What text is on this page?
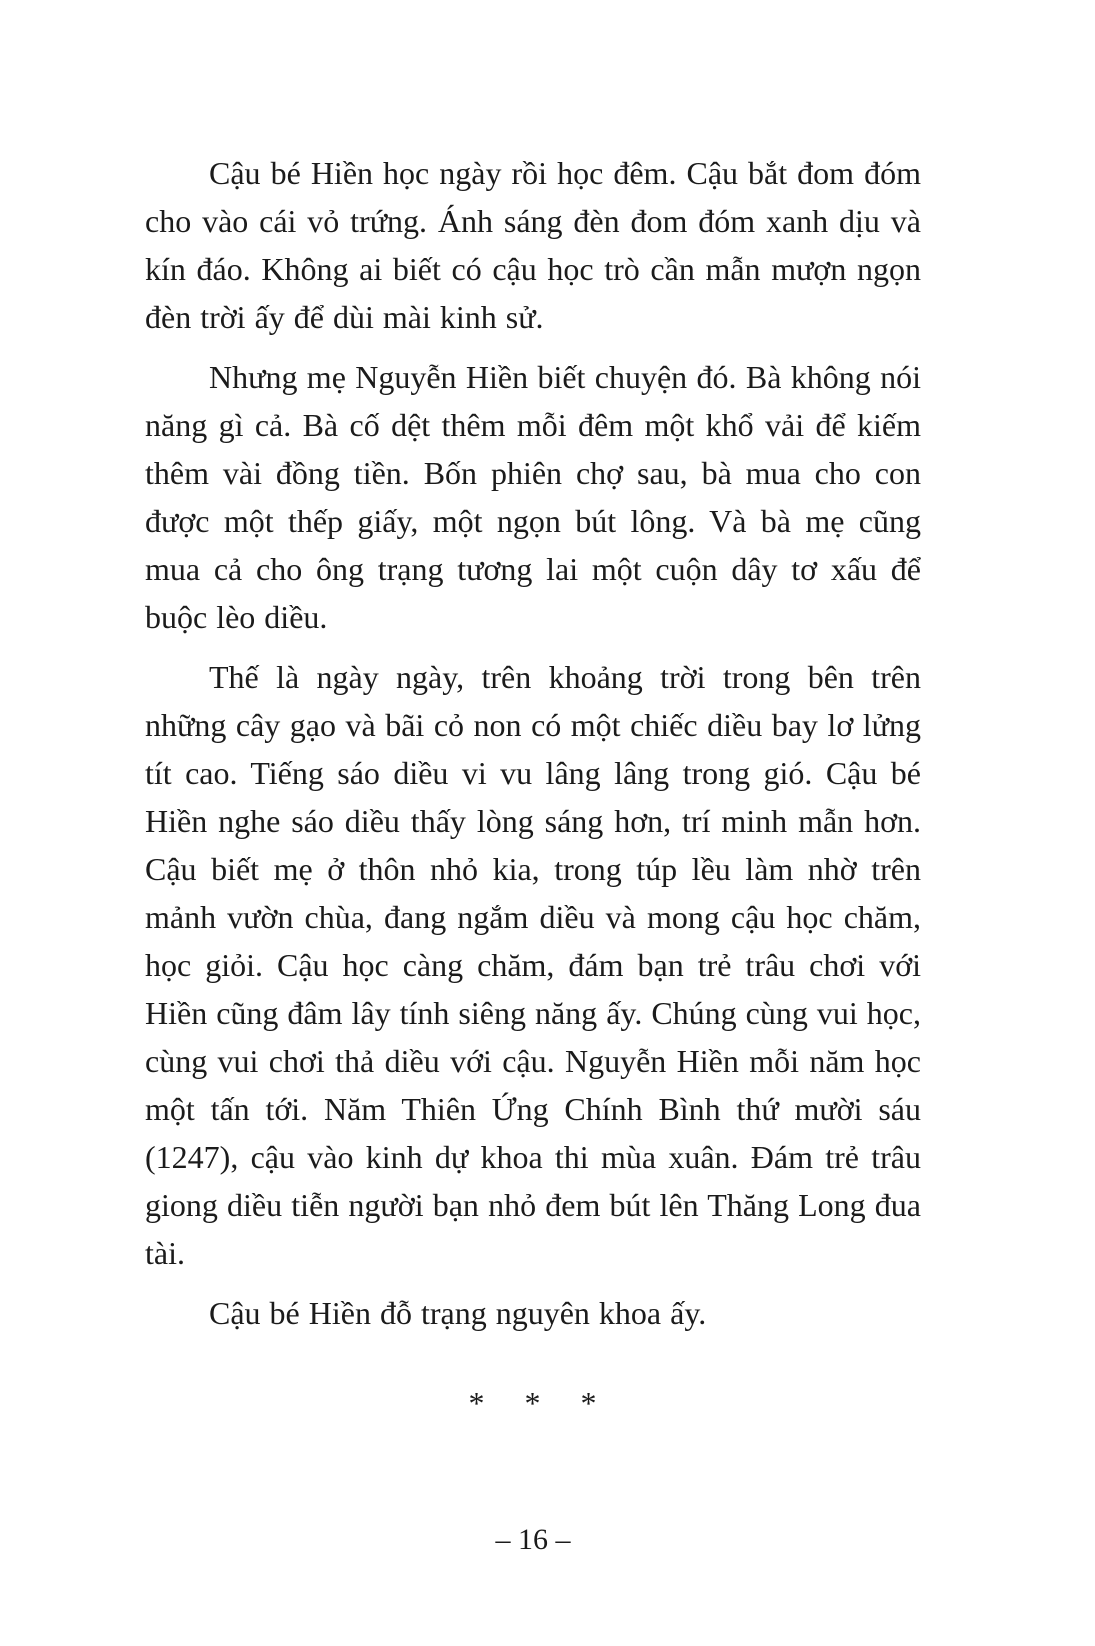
Cậu bé Hiền học ngày rồi học đêm. Cậu bắt đom đóm cho vào cái vỏ trứng. Ánh sáng đèn đom đóm xanh dịu và kín đáo. Không ai biết có cậu học trò cần mẫn mượn ngọn đèn trời ấy để dùi mài kinh sử.

Nhưng mẹ Nguyễn Hiền biết chuyện đó. Bà không nói năng gì cả. Bà cố dệt thêm mỗi đêm một khổ vải để kiếm thêm vài đồng tiền. Bốn phiên chợ sau, bà mua cho con được một thếp giấy, một ngọn bút lông. Và bà mẹ cũng mua cả cho ông trạng tương lai một cuộn dây tơ xấu để buộc lèo diều.

Thế là ngày ngày, trên khoảng trời trong bên trên những cây gạo và bãi cỏ non có một chiếc diều bay lơ lửng tít cao. Tiếng sáo diều vi vu lâng lâng trong gió. Cậu bé Hiền nghe sáo diều thấy lòng sáng hơn, trí minh mẫn hơn. Cậu biết mẹ ở thôn nhỏ kia, trong túp lều làm nhờ trên mảnh vườn chùa, đang ngắm diều và mong cậu học chăm, học giỏi. Cậu học càng chăm, đám bạn trẻ trâu chơi với Hiền cũng đâm lây tính siêng năng ấy. Chúng cùng vui học, cùng vui chơi thả diều với cậu. Nguyễn Hiền mỗi năm học một tấn tới. Năm Thiên Ứng Chính Bình thứ mười sáu (1247), cậu vào kinh dự khoa thi mùa xuân. Đám trẻ trâu giong diều tiễn người bạn nhỏ đem bút lên Thăng Long đua tài.

Cậu bé Hiền đỗ trạng nguyên khoa ấy.

* * *
– 16 –
